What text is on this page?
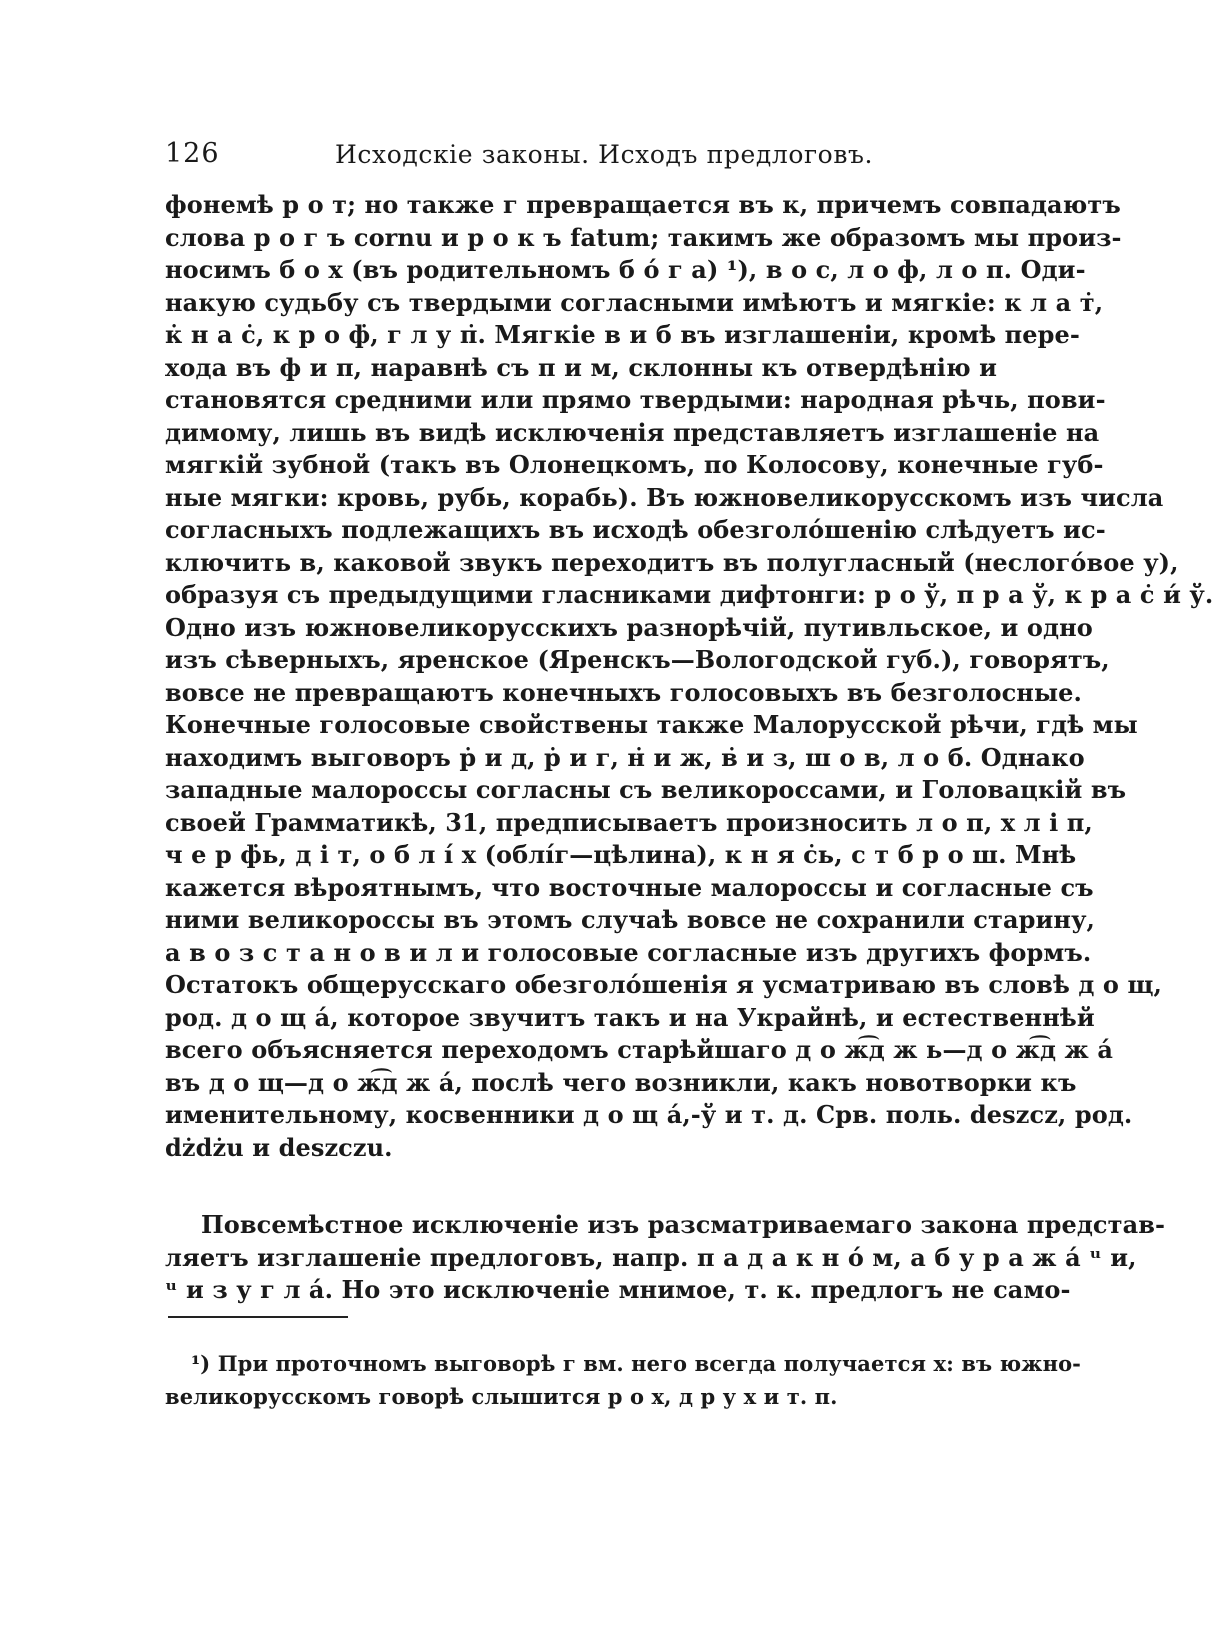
126	Исходскіе законы. Исходъ предлоговъ.
фонемѣ р о т; но также г превращается въ к, причемъ совпадаютъ
слова р о г ъ cornu и р о к ъ fatum; такимъ же образомъ мы произ-
носимъ б о х (въ родительномъ б о́ г а) ¹), в о с, л о ф, л о п. Оди-
накую судьбу съ твердыми согласными имѣютъ и мягкіе: к л а т̇,
к̇ н а с̇, к р о ф̇, г л у п̇. Мягкіе в и б въ изглашеніи, кромѣ пере-
хода въ ф и п, наравнѣ съ п и м, склонны къ отвердѣнію и
становятся средними или прямо твердыми: народная рѣчь, пови-
димому, лишь въ видѣ исключенія представляетъ изглашеніе на
мягкій зубной (такъ въ Олонецкомъ, по Колосову, конечные губ-
ные мягки: кровь, рубь, корабь). Въ южновеликорусскомъ изъ числа
согласныхъ подлежащихъ въ исходѣ обезголо́шенію слѣдуетъ ис-
ключить в, каковой звукъ переходитъ въ полугласный (неслого́вое у),
образуя съ предыдущими гласниками дифтонги: р о ў, п р а ў, к р а с̇ и́ ў.
Одно изъ южновеликорусскихъ разнорѣчій, путивльское, и одно
изъ сѣверныхъ, яренское (Яренскъ—Вологодской губ.), говорятъ,
вовсе не превращаютъ конечныхъ голосовыхъ въ безголосные.
Конечные голосовые свойствены также Малорусской рѣчи, гдѣ мы
находимъ выговоръ р̇ и д, р̇ и г, н̇ и ж, в̇ и з, ш о в, л о б. Однако
западные малороссы согласны съ великороссами, и Головацкій въ
своей Грамматикѣ, 31, предписываетъ произносить л о п, х л і п,
ч е р ф̇ь, д і т, о б л і́ х (облі́г—цѣлина), к н я с̇ь, с т б р о ш. Мнѣ
кажется вѣроятнымъ, что восточные малороссы и согласные съ
ними великороссы въ этомъ случаѣ вовсе не сохранили старину,
а в о з с т а н о в и л и голосовые согласные изъ другихъ формъ.
Остатокъ общерусскаго обезголо́шенія я усматриваю въ словѣ д о щ,
род. д о щ а́, которое звучитъ такъ и на Украйнѣ, и естественнѣй
всего объясняется переходомъ старѣйшаго д о ж͡д ж ь—д о ж͡д ж а́
въ д о щ—д о ж͡д ж а́, послѣ чего возникли, какъ новотворки къ
именительному, косвенники д о щ а́,-ў и т. д. Срв. поль. deszcz, род.
dżdżu и deszczu.
Повсемѣстное исключеніе изъ разсматриваемаго закона представ-
ляетъ изглашеніе предлоговъ, напр. п а д а к н о́ м, а б у р а ж а́ ᵘ и,
ᵘ и з у г л а́. Но это исключеніе мнимое, т. к. предлогъ не само-
¹) При проточномъ выговорѣ г вм. него всегда получается х: въ южно-
великорусскомъ говорѣ слышится р о х, д р у х и т. п.
